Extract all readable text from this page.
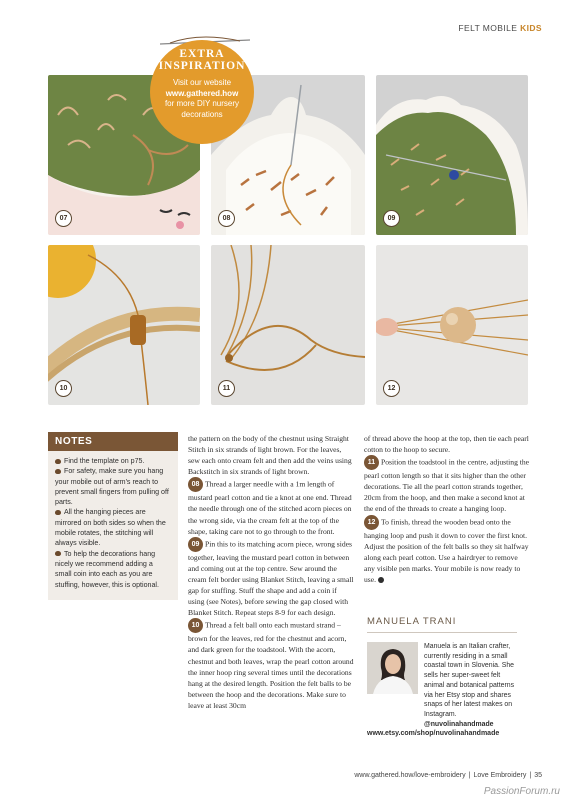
FELT MOBILE KIDS
07	08	09
10	11	12
EXTRA
INSPIRATION
Visit our website
www.gathered.how
for more DIY nursery decorations
NOTES

Find the template on p75.

For safety, make sure you hang your mobile out of arm's reach to prevent small fingers from pulling off parts.

All the hanging pieces are mirrored on both sides so when the mobile rotates, the stitching will always visible.

To help the decorations hang nicely we recommend adding a small coin into each as you are stuffing, however, this is optional.

the pattern on the body of the chestnut using Straight Stitch in six strands of light brown. For the leaves, sew each onto cream felt and then add the veins using Backstitch in six strands of light brown.

08 Thread a larger needle with a 1m length of mustard pearl cotton and tie a knot at one end. Thread the needle through one of the stitched acorn pieces on the wrong side, via the cream felt at the top of the shape, taking care not to go through to the front.

09 Pin this to its matching acorn piece, wrong sides together, leaving the mustard pearl cotton in between and coming out at the top centre. Sew around the cream felt border using Blanket Stitch, leaving a small gap for stuffing. Stuff the shape and add a coin if using (see Notes), before sewing the gap closed with Blanket Stitch. Repeat steps 8-9 for each design.

10 Thread a felt ball onto each mustard strand – brown for the leaves, red for the chestnut and acorn, and dark green for the toadstool. With the acorn, chestnut and both leaves, wrap the pearl cotton around the inner hoop ring several times until the decorations hang at the desired length. Position the felt balls to be between the hoop and the decorations. Make sure to leave at least 30cm

of thread above the hoop at the top, then tie each pearl cotton to the hoop to secure.

11 Position the toadstool in the centre, adjusting the pearl cotton length so that it sits higher than the other decorations. Tie all the pearl cotton strands together, 20cm from the hoop, and then make a second knot at the end of the threads to create a hanging loop.

12 To finish, thread the wooden bead onto the hanging loop and push it down to cover the first knot. Adjust the position of the felt balls so they sit halfway along each pearl cotton. Use a hairdryer to remove any visible pen marks. Your mobile is now ready to use.

MANUELA TRANI
Manuela is an Italian crafter, currently residing in a small coastal town in Slovenia. She sells her super-sweet felt animal and botanical patterns via her Etsy stop and shares snaps of her latest makes on Instagram.
@nuvolinahandmade
www.etsy.com/shop/nuvolinahandmade
www.gathered.how/love-embroidery | Love Embroidery | 35
PassionForum.ru
